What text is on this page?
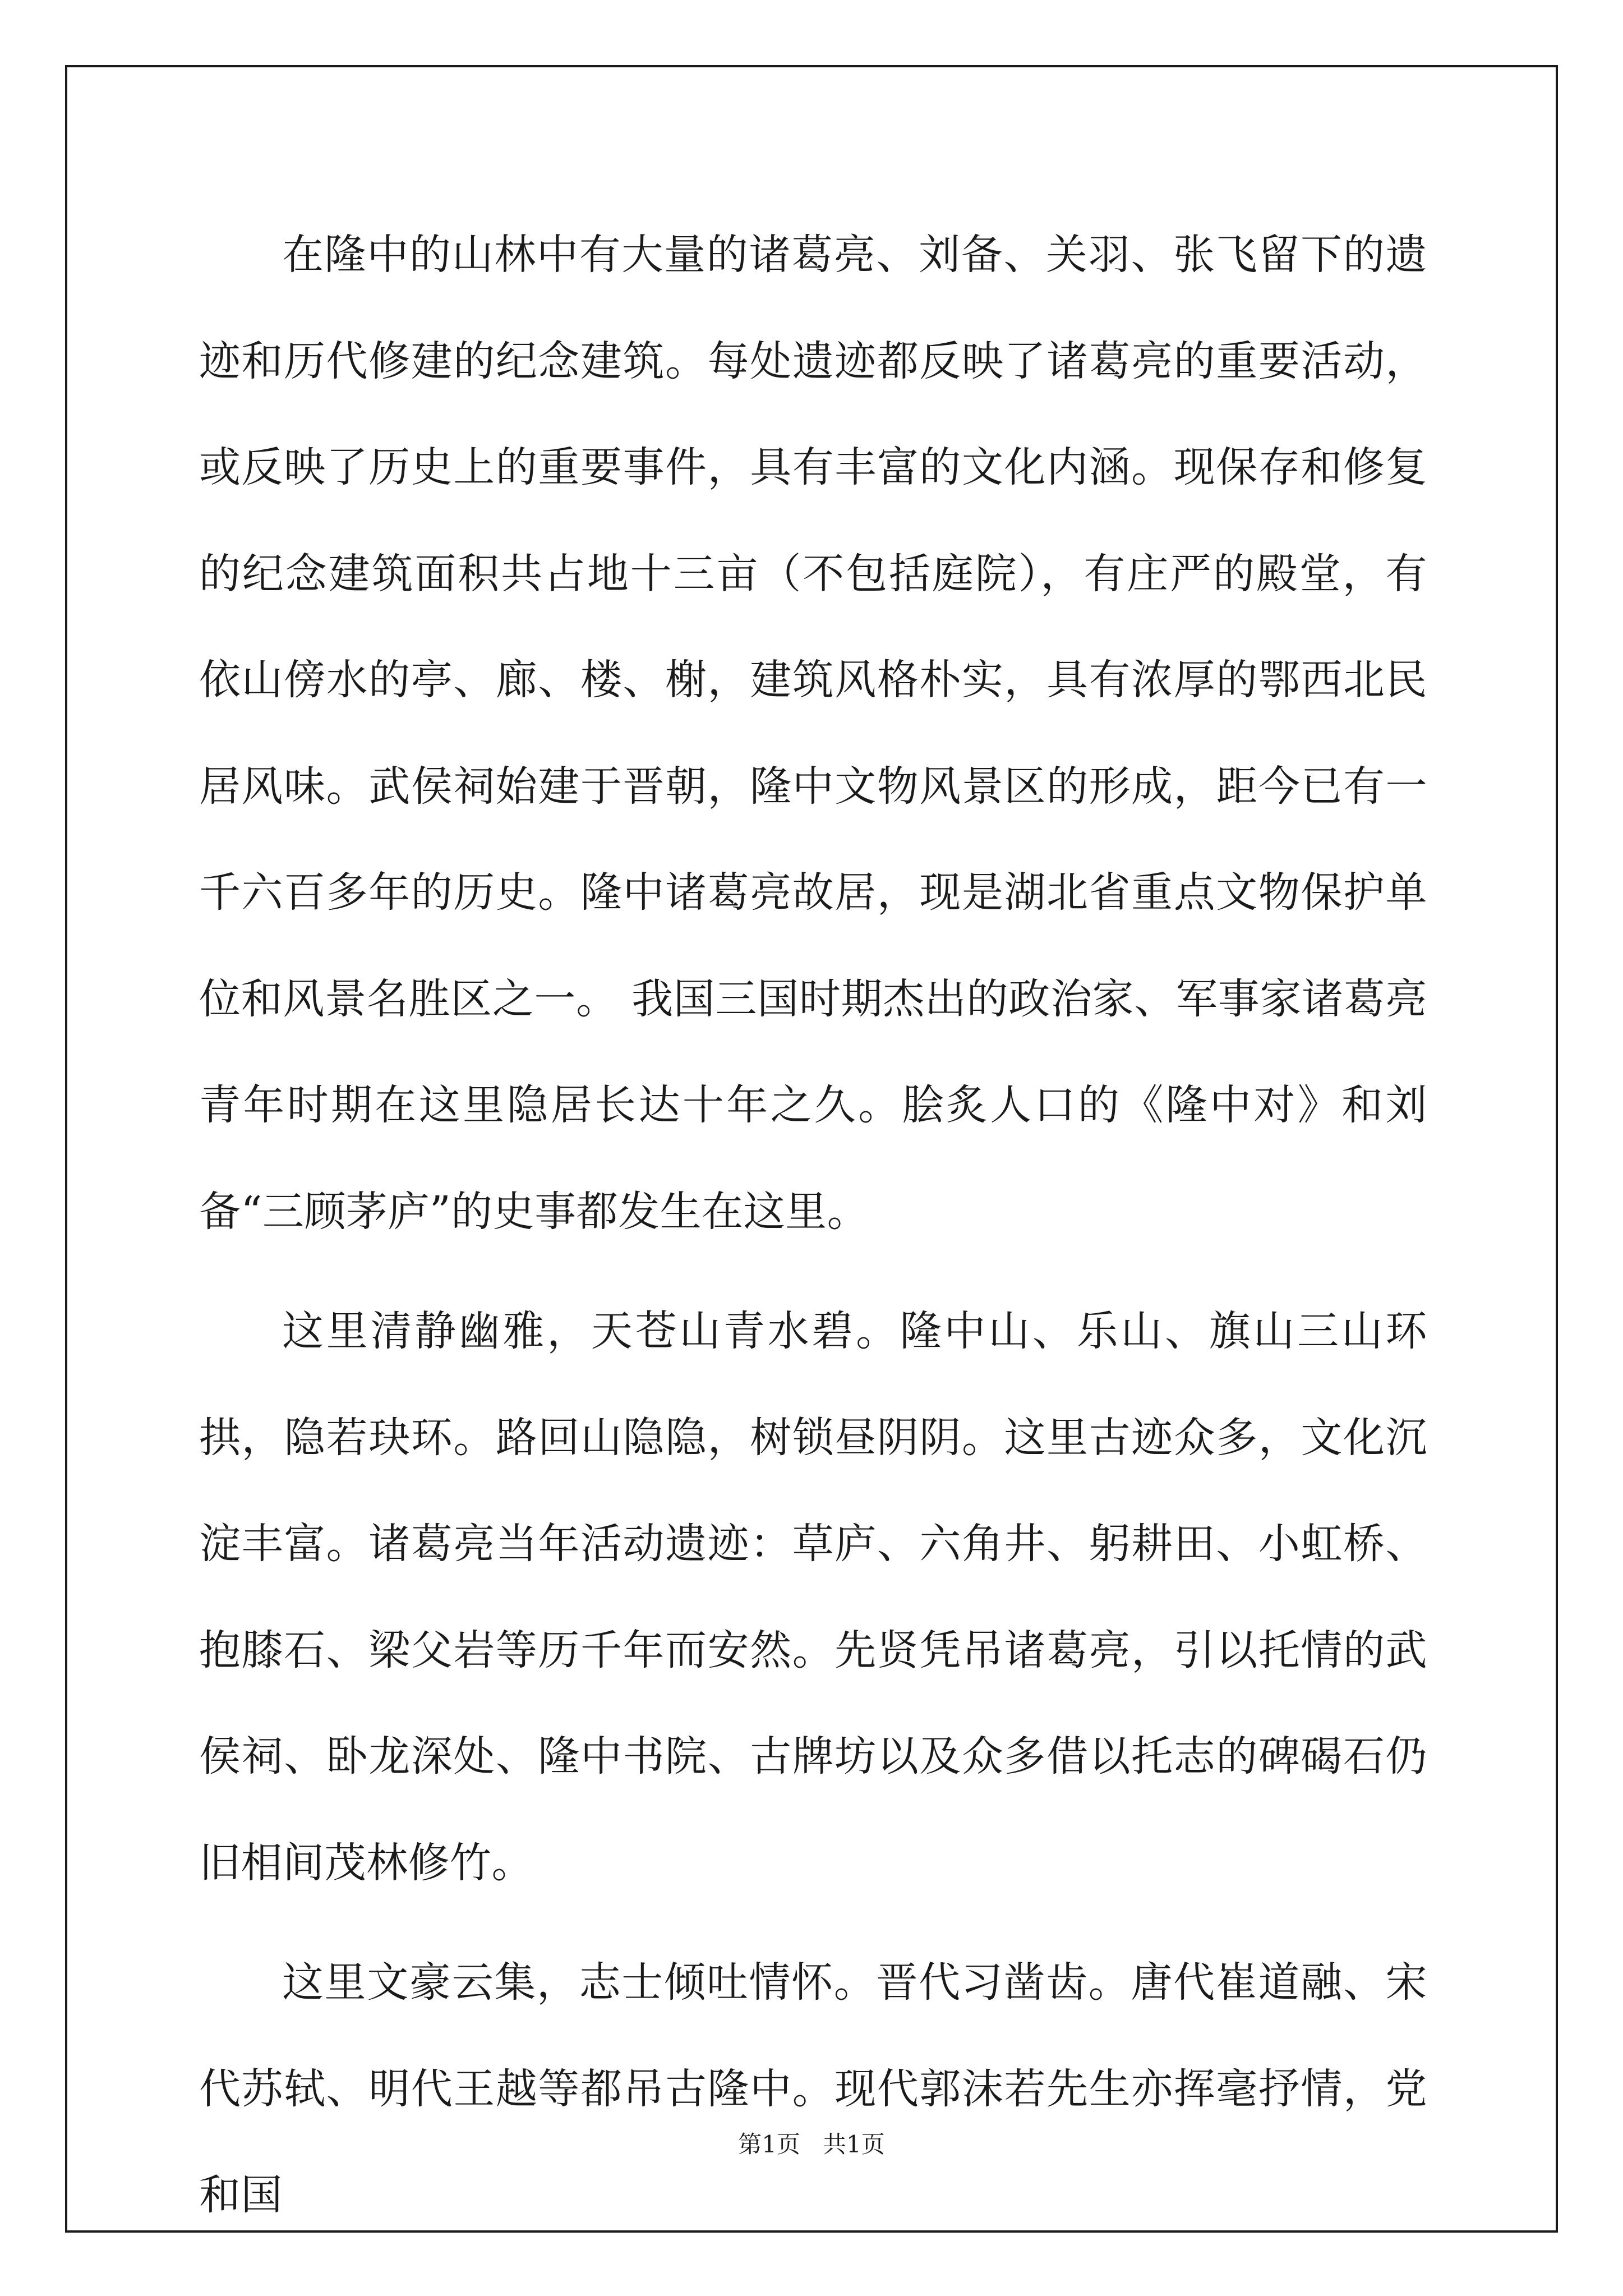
在隆中的山林中有大量的诸葛亮、刘备、关羽、张飞留下的遗迹和历代修建的纪念建筑。每处遗迹都反映了诸葛亮的重要活动，或反映了历史上的重要事件，具有丰富的文化内涵。现保存和修复的纪念建筑面积共占地十三亩（不包括庭院），有庄严的殿堂，有依山傍水的亭、廊、楼、榭，建筑风格朴实，具有浓厚的鄂西北民居风味。武侯祠始建于晋朝，隆中文物风景区的形成，距今已有一千六百多年的历史。隆中诸葛亮故居，现是湖北省重点文物保护单位和风景名胜区之一。 我国三国时期杰出的政治家、军事家诸葛亮青年时期在这里隐居长达十年之久。脍炙人口的《隆中对》和刘备“三顾茅庐”的史事都发生在这里。

这里清静幽雅，天苍山青水碧。隆中山、乐山、旗山三山环拱，隐若玦环。路回山隐隐，树锁昼阴阴。这里古迹众多，文化沉淀丰富。诸葛亮当年活动遗迹：草庐、六角井、躬耕田、小虹桥、抱膝石、梁父岩等历千年而安然。先贤凭吊诸葛亮，引以托情的武侯祠、卧龙深处、隆中书院、古牌坊以及众多借以托志的碑碣石仍旧相间茂林修竹。

这里文豪云集，志士倾吐情怀。晋代习凿齿。唐代崔道融、宋代苏轼、明代王越等都吊古隆中。现代郭沫若先生亦挥毫抒情，党和国

第1页   共1页
